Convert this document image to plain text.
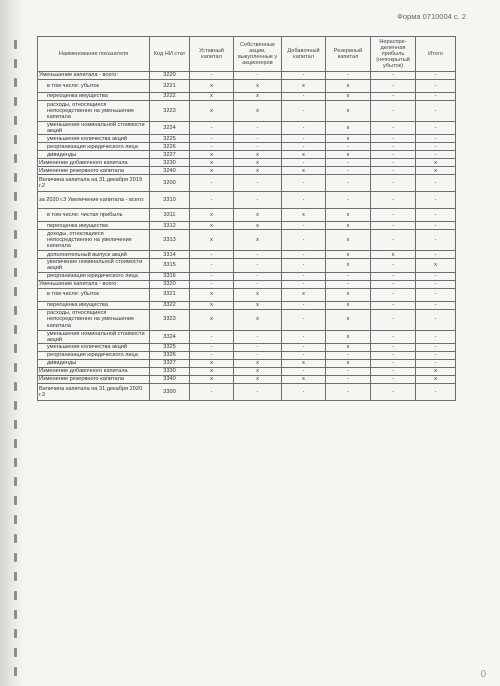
Форма 0710004 с. 2
Наименование показателя	Код НИ стат	Уставный капитал	Собственные акции, выкупленные у акционеров	Добавочный капитал	Резервный капитал	Нераспре-деленная прибыль (непокрытый убыток)	Итого
Уменьшение капитала - всего:	3220	-	-	-	-	-	-
в том числе: убыток	3221	x	x	x	x	-	-
переоценка имущества	3222	x	x	-	x	-	-
расходы, относящиеся непосредственно на уменьшение капитала	3223	x	x	-	x	-	-
уменьшение номинальной стоимости акций	3224	-	-	-	x	-	-
уменьшение количества акций	3225	-	-	-	x	-	-
реорганизация юридического лица	3226	-	-	-	-	-	-
дивиденды	3227	x	x	x	x	-	-
Изменение добавочного капитала	3230	x	x	-	-	-	x
Изменение резервного капитала	3240	x	x	x	-	-	x
Величина капитала на 31 декабря 2019 г.2	3200	-	-	-	-	-	-
за 2020 г.3 Увеличение капитала - всего:	3310	-	-	-	-	-	-
в том числе: чистая прибыль	3311	x	x	x	x	-	-
переоценка имущества	3312	x	x	-	x	-	-
доходы, относящиеся непосредственно на увеличение капитала	3313	x	x	-	x	-	-
дополнительный выпуск акций	3314	-	-	-	x	x	-
увеличение номинальной стоимости акций	3315	-	-	-	x	-	x
реорганизация юридического лица	3316	-	-	-	-	-	-
Уменьшение капитала - всего:	3320	-	-	-	-	-	-
в том числе: убыток	3321	x	x	x	x	-	-
переоценка имущества	3322	x	x	-	x	-	-
расходы, относящиеся непосредственно на уменьшение капитала	3323	x	x	-	x	-	-
уменьшение номинальной стоимости акций	3324	-	-	-	x	-	-
уменьшение количества акций	3325	-	-	-	x	-	-
реорганизация юридического лица	3326	-	-	-	-	-	-
дивиденды	3327	x	x	x	x	-	-
Изменение добавочного капитала	3330	x	x	-	-	-	x
Изменение резервного капитала	3340	x	x	x	-	-	x
Величина капитала на 31 декабря 2020 г.3	3300	-	-	-	-	-	-
0
